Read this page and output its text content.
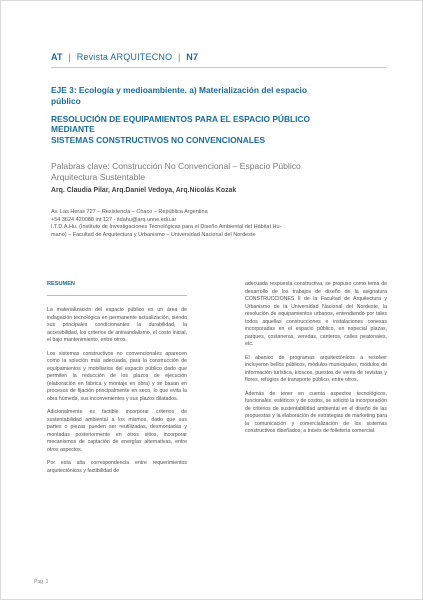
AT | Revista ARQUITECNO | N7
EJE 3: Ecología y medioambiente. a) Materialización del espacio público
RESOLUCIÓN DE EQUIPAMIENTOS PARA EL ESPACIO PÚBLICO
MEDIANTE
SISTEMAS CONSTRUCTIVOS NO CONVENCIONALES
Palabras clave: Construcción No Convencional – Espacio Público
Arquitectura Sustentable
Arq. Claudia Pilar, Arq.Daniel Vedoya, Arq.Nicolás Kozak
Av. Las Heras 727 – Resistencia – Chaco – República Argentina
+54 3624 420088 int 127 - itdahu@arq.unne.edu.ar
I.T.D.A.Hu. (Instituto de Investigaciones Tecnológicas para el Diseño Ambiental del Hábitat Hu-
mano) – Facultad de Arquitectura y Urbanismo – Universidad Nacional del Nordeste
RESUMEN

La materialización del espacio público es un área de indagación tecnológica en permanente actualización, siendo sus principales condicionantes la durabilidad, la accesibilidad, los criterios de antivandalismo, el costo inicial, el bajo mantenimiento, entre otros.

Los sistemas constructivos no convencionales aparecen como la solución más adecuada, para la construcción de equipamientos y mobiliarios del espacio público dado que permiten la reducción de los plazos de ejecución (elaboración en fábrica y montaje en obra) y se basan en procesos de fijación principalmente en seco, lo que evita la obra húmeda, sus inconvenientes y sus plazos dilatados.

Adicionalmente es factible incorporar criterios de sustentabilidad ambiental a los mismos, dado que sus partes o piezas pueden ser reutilizadas, desmontadas y montadas posteriormente en otros sitios, incorporar mecanismos de captación de energías alternativas, entre otros aspectos.

Por esta alta correspondencia entre requerimientos arquitectónicos y factibilidad de

adecuada respuesta constructiva, se propuso como tema de desarrollo de los trabajos de diseño de la asignatura CONSTRUCCIONES II de la Facultad de Arquitectura y Urbanismo de la Universidad Nacional del Nordeste, la resolución de equipamientos urbanos, entendiendo por tales todos aquellas construcciones e instalaciones conexas incorporadas en el espacio público, en especial plazas, parques, costaneras, veredas, canteros, calles peatonales, etc.

El abanico de programas arquitectónicos a resolver incluyeron bellos públicos, módulos municipales, módulos de información turística, kioscos, puestos de venta de revistas y flores, refugios de transporte público, entre otros.

Además de tener en cuenta aspectos tecnológicos, funcionales, estéticos y de costos, se solicitó la incorporación de criterios de sustentabilidad ambiental en el diseño de las propuestas y la elaboración de estrategias de marketing para la comunicación y comercialización de los sistemas constructivos diseñados, a través de folletería comercial.

Pag. 1
